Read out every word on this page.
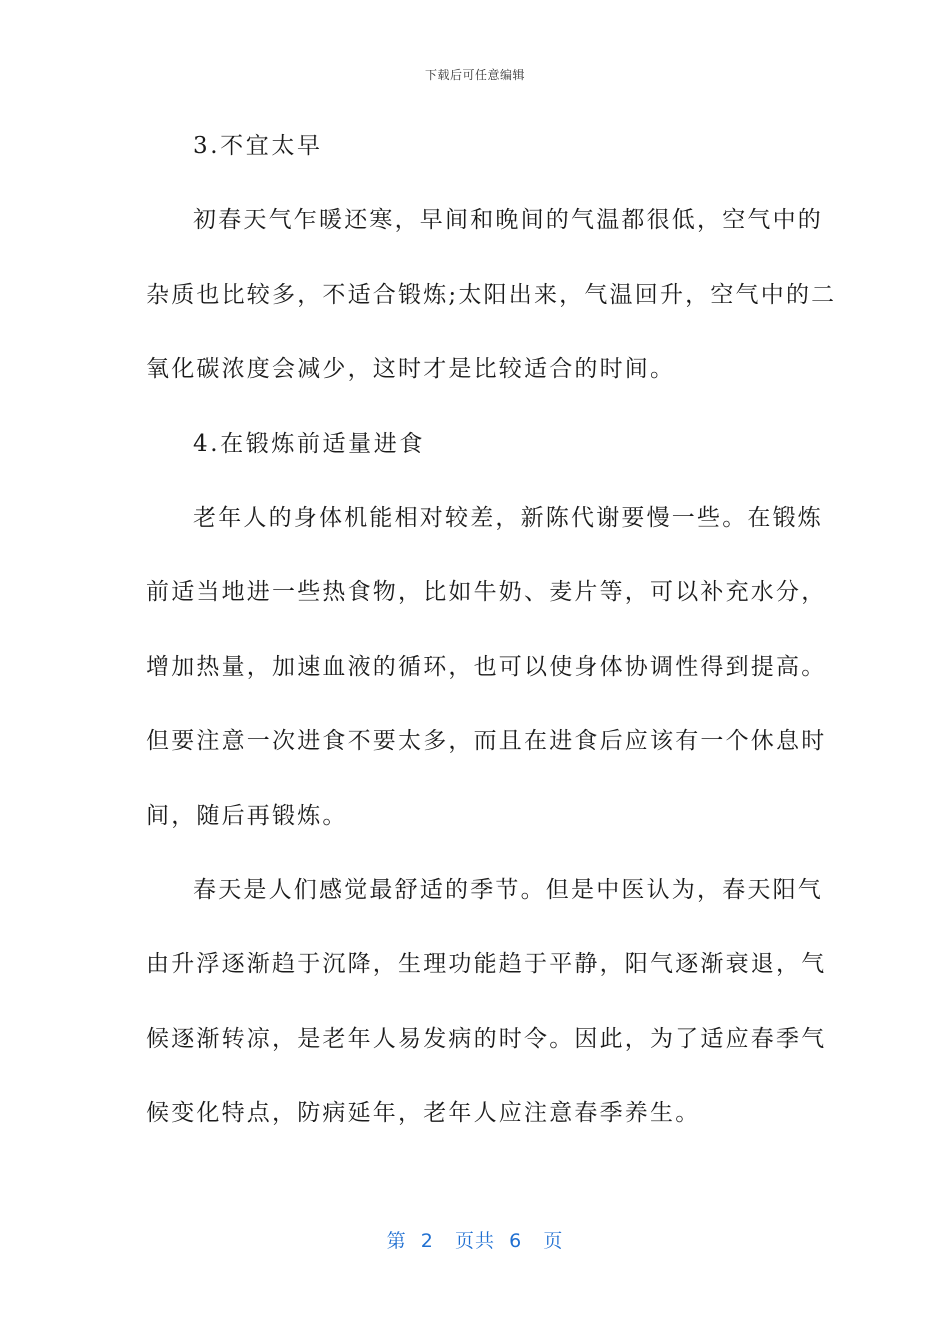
下载后可任意编辑
3.不宜太早
初春天气乍暖还寒，早间和晚间的气温都很低，空气中的
杂质也比较多，不适合锻炼;太阳出来，气温回升，空气中的二
氧化碳浓度会减少，这时才是比较适合的时间。
4.在锻炼前适量进食
老年人的身体机能相对较差，新陈代谢要慢一些。在锻炼
前适当地进一些热食物，比如牛奶、麦片等，可以补充水分，
增加热量，加速血液的循环，也可以使身体协调性得到提高。
但要注意一次进食不要太多，而且在进食后应该有一个休息时
间，随后再锻炼。
春天是人们感觉最舒适的季节。但是中医认为，春天阳气
由升浮逐渐趋于沉降，生理功能趋于平静，阳气逐渐衰退，气
候逐渐转凉，是老年人易发病的时令。因此，为了适应春季气
候变化特点，防病延年，老年人应注意春季养生。
第 2 页共 6 页
